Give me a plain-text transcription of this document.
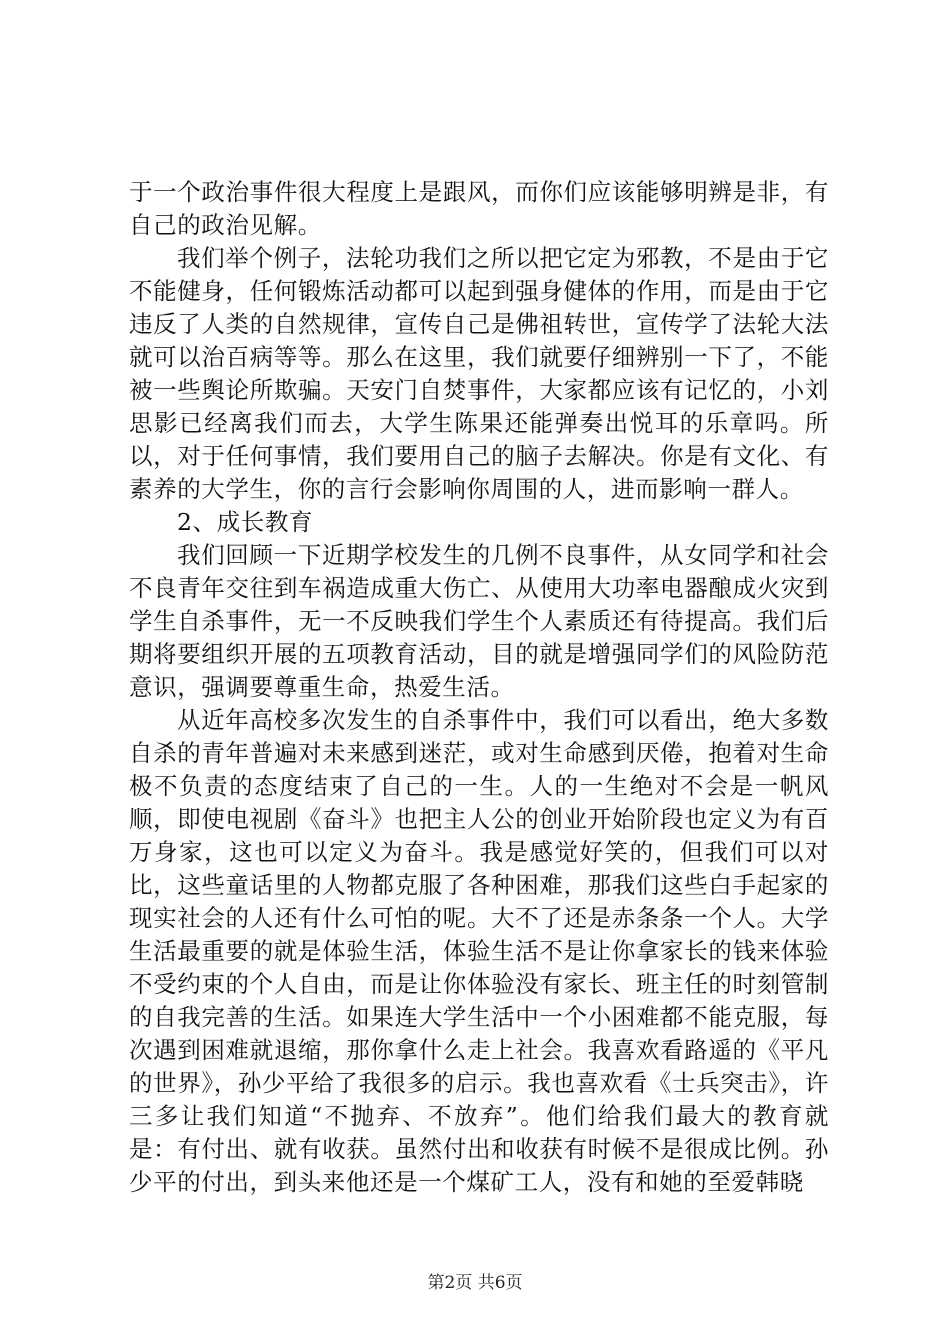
于一个政治事件很大程度上是跟风，而你们应该能够明辨是非，有自己的政治见解。

我们举个例子，法轮功我们之所以把它定为邪教，不是由于它不能健身，任何锻炼活动都可以起到强身健体的作用，而是由于它违反了人类的自然规律，宣传自己是佛祖转世，宣传学了法轮大法就可以治百病等等。那么在这里，我们就要仔细辨别一下了，不能被一些舆论所欺骗。天安门自焚事件，大家都应该有记忆的，小刘思影已经离我们而去，大学生陈果还能弹奏出悦耳的乐章吗。所以，对于任何事情，我们要用自己的脑子去解决。你是有文化、有素养的大学生，你的言行会影响你周围的人，进而影响一群人。

2、成长教育

我们回顾一下近期学校发生的几例不良事件，从女同学和社会不良青年交往到车祸造成重大伤亡、从使用大功率电器酿成火灾到学生自杀事件，无一不反映我们学生个人素质还有待提高。我们后期将要组织开展的五项教育活动，目的就是增强同学们的风险防范意识，强调要尊重生命，热爱生活。

从近年高校多次发生的自杀事件中，我们可以看出，绝大多数自杀的青年普遍对未来感到迷茫，或对生命感到厌倦，抱着对生命极不负责的态度结束了自己的一生。人的一生绝对不会是一帆风顺，即使电视剧《奋斗》也把主人公的创业开始阶段也定义为有百万身家，这也可以定义为奋斗。我是感觉好笑的，但我们可以对比，这些童话里的人物都克服了各种困难，那我们这些白手起家的现实社会的人还有什么可怕的呢。大不了还是赤条条一个人。大学生活最重要的就是体验生活，体验生活不是让你拿家长的钱来体验不受约束的个人自由，而是让你体验没有家长、班主任的时刻管制的自我完善的生活。如果连大学生活中一个小困难都不能克服，每次遇到困难就退缩，那你拿什么走上社会。我喜欢看路遥的《平凡的世界》，孙少平给了我很多的启示。我也喜欢看《士兵突击》，许三多让我们知道“不抛弃、不放弃”。他们给我们最大的教育就是：有付出、就有收获。虽然付出和收获有时候不是很成比例。孙少平的付出，到头来他还是一个煤矿工人，没有和她的至爱韩晓

第2页 共6页
